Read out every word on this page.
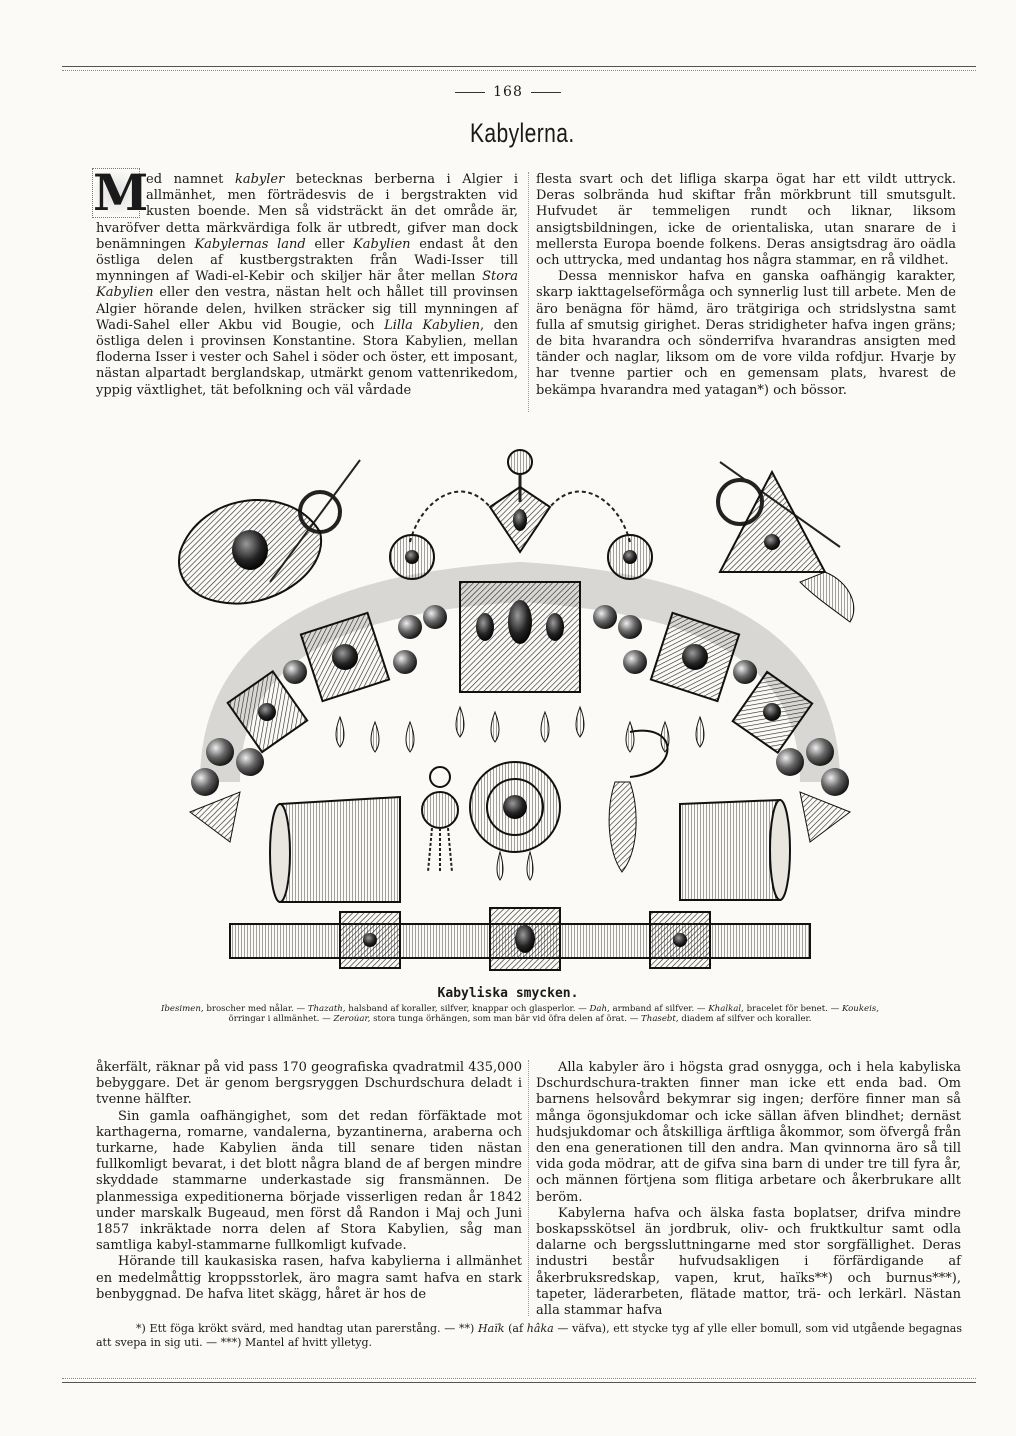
168
Kabylerna.

M
ed namnet kabyler betecknas berberna i Algier i allmänhet, men förträdesvis de i bergstrakten vid kusten boende. Men så vidsträckt än det område är, hvaröfver detta märkvärdiga folk är utbredt, gifver man dock benämningen Kabylernas land eller Kabylien endast åt den östliga delen af kustbergstrakten från Wadi-Isser till mynningen af Wadi-el-Kebir och skiljer här åter mellan Stora Kabylien eller den vestra, nästan helt och hållet till provinsen Algier hörande delen, hvilken sträcker sig till mynningen af Wadi-Sahel eller Akbu vid Bougie, och Lilla Kabylien, den östliga delen i provinsen Konstantine. Stora Kabylien, mellan floderna Isser i vester och Sahel i söder och öster, ett imposant, nästan alpartadt berglandskap, utmärkt genom vattenrikedom, yppig växtlighet, tät befolkning och väl vårdade

flesta svart och det lifliga skarpa ögat har ett vildt uttryck. Deras solbrända hud skiftar från mörkbrunt till smutsgult. Hufvudet är temmeligen rundt och liknar, liksom ansigtsbildningen, icke de orientaliska, utan snarare de i mellersta Europa boende folkens. Deras ansigtsdrag äro oädla och uttrycka, med undantag hos några stammar, en rå vildhet.

Dessa menniskor hafva en ganska oafhängig karakter, skarp iakttagelseförmåga och synnerlig lust till arbete. Men de äro benägna för hämd, äro trätgiriga och stridslystna samt fulla af smutsig girighet. Deras stridigheter hafva ingen gräns; de bita hvarandra och sönderrifva hvarandras ansigten med tänder och naglar, liksom om de vore vilda rofdjur. Hvarje by har tvenne partier och en gemensam plats, hvarest de bekämpa hvarandra med yatagan*) och bössor.

Kabyliska smycken.
Ibesimen, broscher med nålar. — Thazath, halsband af koraller, silfver, knappar och glasperlor. — Dah, armband af silfver. — Khalkal, bracelet för benet. — Koukeis, örringar i allmänhet. — Zerou̇ar, stora tunga örhängen, som man bär vid öfra delen af örat. — Thasebt, diadem af silfver och koraller.

åkerfält, räknar på vid pass 170 geografiska qvadratmil 435,000 bebyggare. Det är genom bergsryggen Dschurdschura deladt i tvenne hälfter.

Sin gamla oafhängighet, som det redan förfäktade mot karthagerna, romarne, vandalerna, byzantinerna, araberna och turkarne, hade Kabylien ända till senare tiden nästan fullkomligt bevarat, i det blott några bland de af bergen mindre skyddade stammarne underkastade sig fransmännen. De planmessiga expeditionerna började visserligen redan år 1842 under marskalk Bugeaud, men först då Randon i Maj och Juni 1857 inkräktade norra delen af Stora Kabylien, såg man samtliga kabyl-stammarne fullkomligt kufvade.

Hörande till kaukasiska rasen, hafva kabylierna i allmänhet en medelmåttig kroppsstorlek, äro magra samt hafva en stark benbyggnad. De hafva litet skägg, håret är hos de

Alla kabyler äro i högsta grad osnygga, och i hela kabyliska Dschurdschura-trakten finner man icke ett enda bad. Om barnens helsovård bekymrar sig ingen; derföre finner man så många ögonsjukdomar och icke sällan äfven blindhet; dernäst hudsjukdomar och åtskilliga ärftliga åkommor, som öfvergå från den ena generationen till den andra. Man qvinnorna äro så till vida goda mödrar, att de gifva sina barn di under tre till fyra år, och männen förtjena som flitiga arbetare och åkerbrukare allt beröm.

Kabylerna hafva och älska fasta boplatser, drifva mindre boskapsskötsel än jordbruk, oliv- och fruktkultur samt odla dalarne och bergssluttningarne med stor sorgfällighet. Deras industri består hufvudsakligen i förfärdigande af åkerbruksredskap, vapen, krut, haïks**) och burnus***), tapeter, läderarbeten, flätade mattor, trä- och lerkärl. Nästan alla stammar hafva

*) Ett föga krökt svärd, med handtag utan parerstång. — **) Haïk (af hâka — väfva), ett stycke tyg af ylle eller bomull, som vid utgående begagnas att svepa in sig uti. — ***) Mantel af hvitt ylletyg.
